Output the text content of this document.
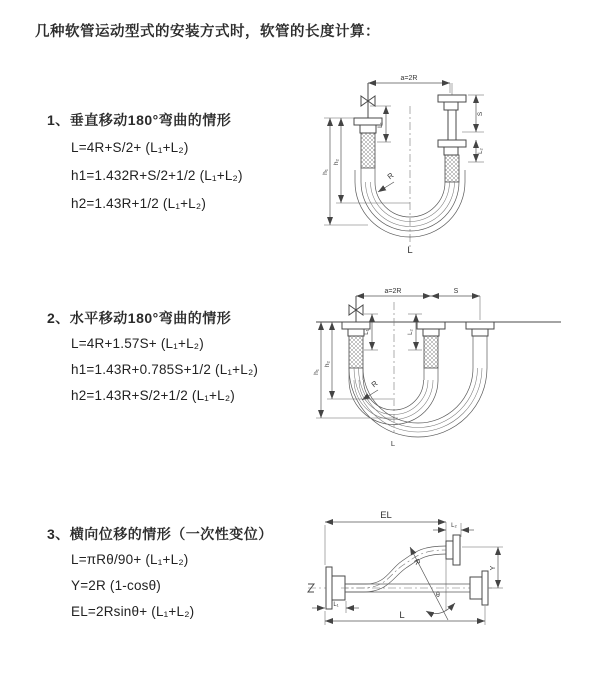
几种软管运动型式的安装方式时，软管的长度计算：
1、垂直移动180°弯曲的情形
L=4R+S/2+ (L₁+L₂)
h1=1.432R+S/2+1/2 (L₁+L₂)
h2=1.43R+1/2 (L₁+L₂)
2、水平移动180°弯曲的情形
L=4R+1.57S+ (L₁+L₂)
h1=1.43R+0.785S+1/2 (L₁+L₂)
h2=1.43R+S/2+1/2 (L₁+L₂)
3、横向位移的情形（一次性变位）
L=πRθ/90+ (L₁+L₂)
Y=2R (1-cosθ)
EL=2Rsinθ+ (L₁+L₂)
a=2R
L₁
S
L₂
R
h₁
h₂
L
a=2R	S
L₁	L₂
R
h₁
h₂
L
EL
L₂
R
θ
Y
L₁
L
